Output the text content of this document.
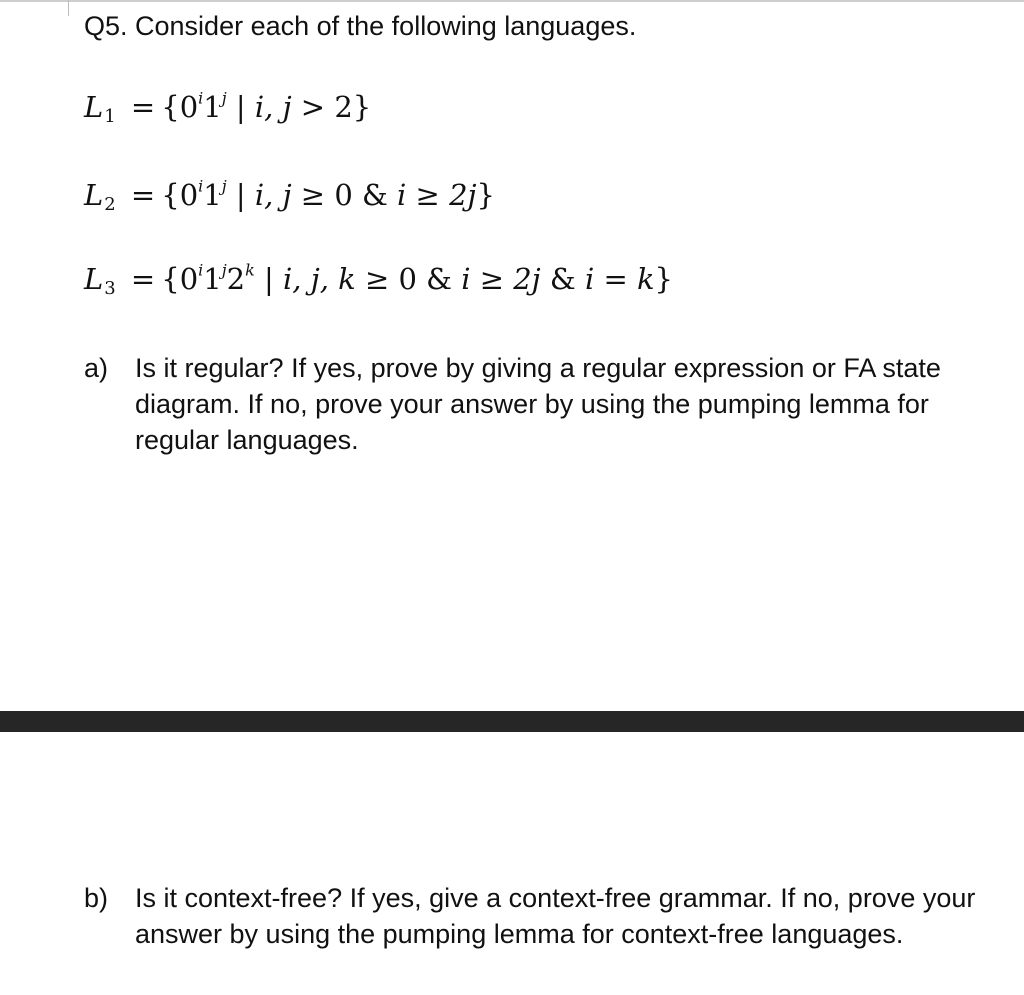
Q5. Consider each of the following languages.
$L1 = \{0^i1^j$ | i, j > 2}
$L2 = \{0^i1^j$ | i, j ≥ 0 & i ≥ 2j}
$L3 = \{0^i1^j2^k$ | i, j, k ≥ 0 & i ≥ 2j & i = k}
a) Is it regular? If yes, prove by giving a regular expression or FA state diagram. If no, prove your answer by using the pumping lemma for regular languages.
b) Is it context-free? If yes, give a context-free grammar. If no, prove your answer by using the pumping lemma for context-free languages.
